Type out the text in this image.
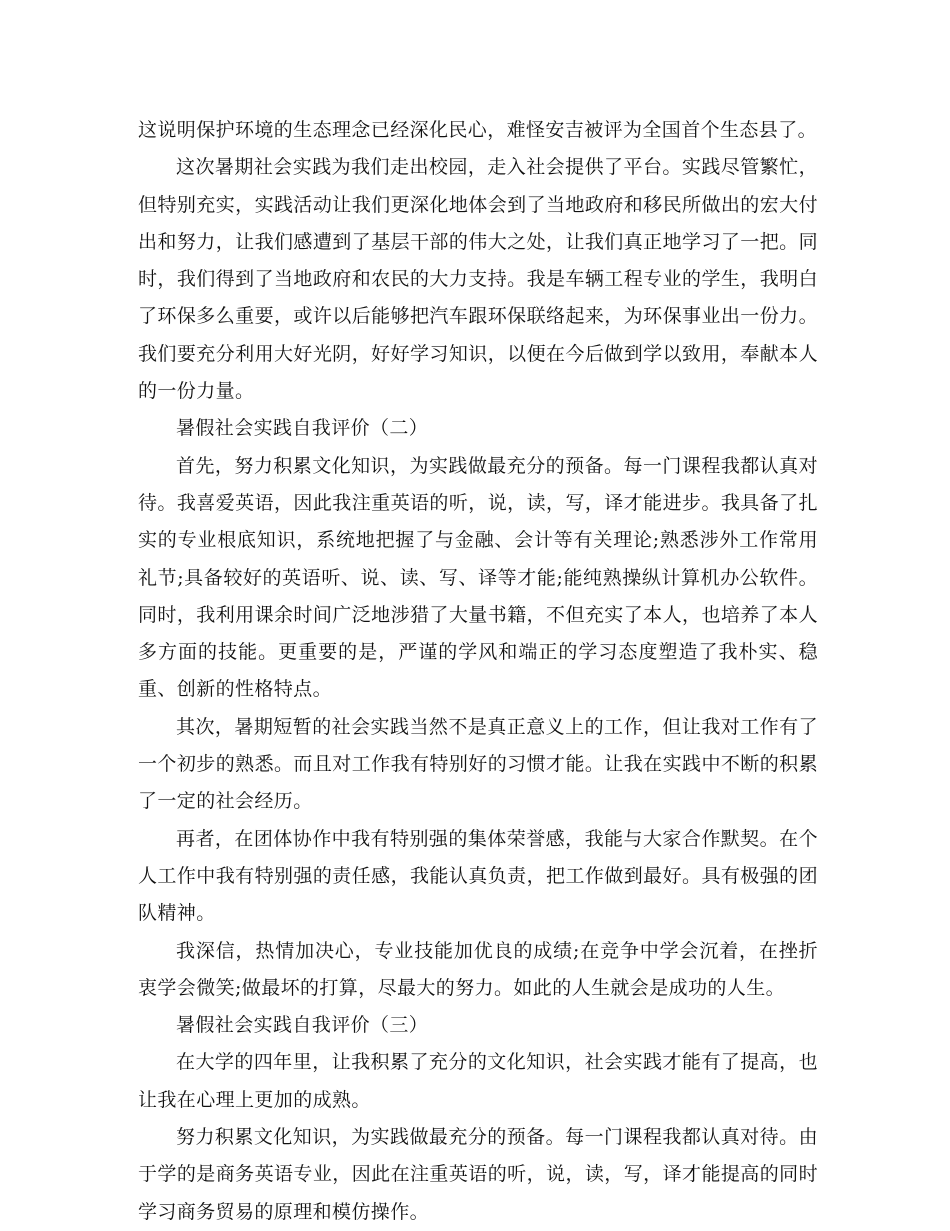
这说明保护环境的生态理念已经深化民心，难怪安吉被评为全国首个生态县了。

这次暑期社会实践为我们走出校园，走入社会提供了平台。实践尽管繁忙，但特别充实，实践活动让我们更深化地体会到了当地政府和移民所做出的宏大付出和努力，让我们感遭到了基层干部的伟大之处，让我们真正地学习了一把。同时，我们得到了当地政府和农民的大力支持。我是车辆工程专业的学生，我明白了环保多么重要，或许以后能够把汽车跟环保联络起来，为环保事业出一份力。我们要充分利用大好光阴，好好学习知识，以便在今后做到学以致用，奉献本人的一份力量。

暑假社会实践自我评价（二）

首先，努力积累文化知识，为实践做最充分的预备。每一门课程我都认真对待。我喜爱英语，因此我注重英语的听，说，读，写，译才能进步。我具备了扎实的专业根底知识，系统地把握了与金融、会计等有关理论;熟悉涉外工作常用礼节;具备较好的英语听、说、读、写、译等才能;能纯熟操纵计算机办公软件。同时，我利用课余时间广泛地涉猎了大量书籍，不但充实了本人，也培养了本人多方面的技能。更重要的是，严谨的学风和端正的学习态度塑造了我朴实、稳重、创新的性格特点。

其次，暑期短暂的社会实践当然不是真正意义上的工作，但让我对工作有了一个初步的熟悉。而且对工作我有特别好的习惯才能。让我在实践中不断的积累了一定的社会经历。

再者，在团体协作中我有特别强的集体荣誉感，我能与大家合作默契。在个人工作中我有特别强的责任感，我能认真负责，把工作做到最好。具有极强的团队精神。

我深信，热情加决心，专业技能加优良的成绩;在竞争中学会沉着，在挫折衷学会微笑;做最坏的打算，尽最大的努力。如此的人生就会是成功的人生。

暑假社会实践自我评价（三）

在大学的四年里，让我积累了充分的文化知识，社会实践才能有了提高，也让我在心理上更加的成熟。

努力积累文化知识，为实践做最充分的预备。每一门课程我都认真对待。由于学的是商务英语专业，因此在注重英语的听，说，读，写，译才能提高的同时学习商务贸易的原理和模仿操作。
